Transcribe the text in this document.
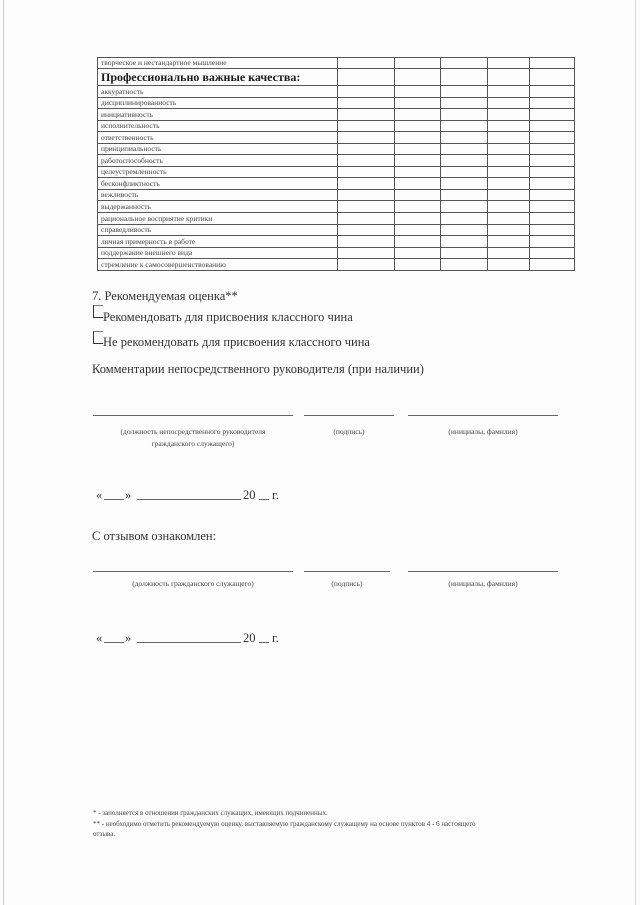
творческое и нестандартное мышление					
Профессионально важные качества:					
аккуратность					
дисциплинированность					
инициативность					
исполнительность					
ответственность					
принципиальность					
работоспособность					
целеустремленность					
бесконфликтность					
вежливость					
выдержанность					
рациональное восприятие критики					
справедливость					
личная примерность в работе					
поддержание внешнего вида					
стремление к самосовершенствованию					
7. Рекомендуемая оценка**
Рекомендовать для присвоения классного чина
Не рекомендовать для присвоения классного чина
Комментарии непосредственного руководителя (при наличии)
(должность непосредственного руководителя
гражданского служащего)
(подпись)	(инициалы, фамилия)
« »	20 г.
С отзывом ознакомлен:
(должность гражданского служащего)	(подпись)	(инициалы, фамилия)
« »	20 г.
* - заполняется в отношении гражданских служащих, имеющих подчиненных.
** - необходимо отметить рекомендуемую оценку, выставляемую гражданскому служащему на основе пунктов 4 - 6 настоящего
отзыва.
